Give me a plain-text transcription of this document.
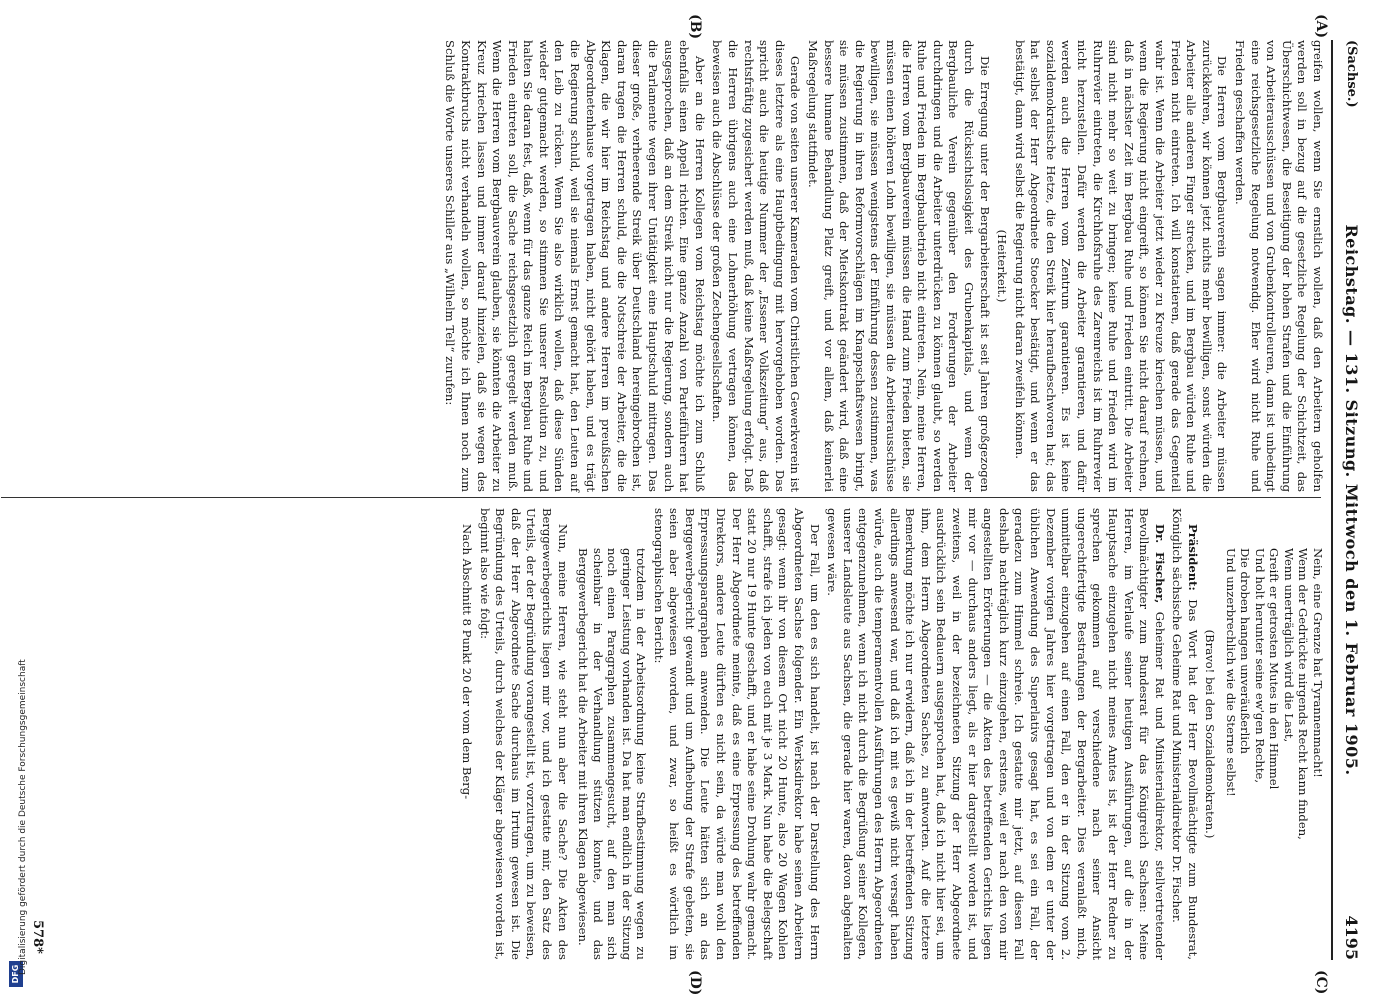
(Sachse.)
Reichstag. — 131. Sitzung. Mittwoch den 1. Februar 1905.
4195
(A)
(B)
(C)
(D)

greifen wollen, wenn Sie ernstlich wollen, daß den Arbeitern geholfen werden soll in bezug auf die gesetzliche Regelung der Schichtzeit, das Überschichtwesen, die Beseitigung der hohen Strafen und die Einführung von Arbeiterausschüssen und von Grubenkontrolleuren, dann ist unbedingt eine reichsgesetzliche Regelung notwendig. Eher wird nicht Ruhe und Frieden geschaffen werden.

Die Herren vom Bergbauverein sagen immer: die Arbeiter müssen zurückkehren, wir können jetzt nichts mehr bewilligen, sonst würden die Arbeiter alle anderen Finger strecken, und im Bergbau würden Ruhe und Frieden nicht eintreten. Ich will konstatieren, daß gerade das Gegenteil wahr ist. Wenn die Arbeiter jetzt wieder zu Kreuze kriechen müssen, und wenn die Regierung nicht eingreift, so können Sie nicht darauf rechnen, daß in nächster Zeit im Bergbau Ruhe und Frieden eintritt. Die Arbeiter sind nicht mehr so weit zu bringen; keine Ruhe und Frieden wird im Ruhrrevier eintreten, die Kirchhofsruhe des Zarenreichs ist im Ruhrrevier nicht herzustellen. Dafür werden die Arbeiter garantieren, und dafür werden auch die Herren vom Zentrum garantieren. Es ist keine sozialdemokratische Hetze, die den Streik hier heraufbeschworen hat; das hat selbst der Herr Abgeordnete Stoecker bestätigt, und wenn er das bestätigt, dann wird selbst die Regierung nicht daran zweifeln können.

(Heiterkeit.)

Die Erregung unter der Bergarbeiterschaft ist seit Jahren großgezogen durch die Rücksichtslosigkeit des Grubenkapitals, und wenn der Bergbauliche Verein gegenüber den Forderungen der Arbeiter durchdringen und die Arbeiter unterdrücken zu können glaubt, so werden Ruhe und Frieden im Bergbaubetrieb nicht eintreten. Nein, meine Herren, die Herren vom Bergbauverein müssen die Hand zum Frieden bieten, sie müssen einen höheren Lohn bewilligen, sie müssen die Arbeiterausschüsse bewilligen, sie müssen wenigstens der Einführung dessen zustimmen, was die Regierung in ihren Reformvorschlägen im Knappschaftswesen bringt, sie müssen zustimmen, daß der Mietskontrakt geändert wird, daß eine bessere humane Behandlung Platz greift, und vor allem, daß keinerlei Maßregelung stattfindet.

Gerade von seiten unserer Kameraden vom Christlichen Gewerkverein ist dieses letztere als eine Hauptbedingung mit hervorgehoben worden. Das spricht auch die heutige Nummer der „Essener Volkszeitung“ aus, daß rechtsfräftig zugesichert werden muß, daß keine Maßregelung erfolgt. Daß die Herren übrigens auch eine Lohnerhöhung vertragen können, das beweisen auch die Abschlüsse der großen Zechengesellschaften.

Aber an die Herren Kollegen vom Reichstag möchte ich zum Schluß ebenfalls einen Appell richten. Eine ganze Anzahl von Parteiführern hat ausgesprochen, daß an dem Streik nicht nur die Regierung, sondern auch die Parlamente wegen ihrer Untätigkeit eine Hauptschuld mittragen. Das dieser große, verheerende Streik über Deutschland hereingebrochen ist, daran tragen die Herren schuld, die die Notschreie der Arbeiter, die die Klagen, die wir hier im Reichstag und andere Herren im preußischen Abgeordnetenhause vorgetragen haben, nicht gehört haben, und es trägt die Regierung schuld, weil sie niemals Ernst gemacht hat, den Leuten auf den Leib zu rücken. Wenn Sie also wirklich wollen, daß diese Sünden wieder gutgemacht werden, so stimmen Sie unserer Resolution zu, und halten Sie daran fest, daß, wenn für das ganze Reich im Bergbau Ruhe und Frieden eintreten soll, die Sache reichsgesetzlich geregelt werden muß. Wenn die Herren vom Bergbauverein glauben, sie könnten die Arbeiter zu Kreuz kriechen lassen und immer darauf hinzielen, daß sie wegen des Kontraktbruchs nicht verhandeln wollen, so möchte ich Ihnen noch zum Schluß die Worte unseres Schiller aus „Wilhelm Tell“ zurufen:

Nein, eine Grenze hat Tyrannenmacht!
Wenn der Gedrückte nirgends Recht kann finden,
Wenn unerträglich wird die Last,
Greift er getrosten Mutes in den Himmel
Und holt herunter seine ew'gen Rechte,
Die droben hangen unveräußerlich
Und unzerbrechlich wie die Sterne selbst!

(Bravo! bei den Sozialdemokraten.)

Präsident: Das Wort hat der Herr Bevollmächtigte zum Bundesrat, Königlich sächsische Geheime Rat und Ministerialdirektor Dr. Fischer.

Dr. Fischer, Geheimer Rat und Ministerialdirektor, stellvertretender Bevollmächtigter zum Bundesrat für das Königreich Sachsen: Meine Herren, im Verlaufe seiner heutigen Ausführungen, auf die in der Hauptsache einzugehen nicht meines Amtes ist, ist der Herr Redner zu sprechen gekommen auf verschiedene nach seiner Ansicht ungerechtfertigte Bestrafungen der Bergarbeiter. Dies veranlaßt mich, unmittelbar einzugehen auf einen Fall, den er in der Sitzung vom 2. Dezember vorigen Jahres hier vorgetragen und von dem er unter der üblichen Anwendung des Superlativs gesagt hat, es sei ein Fall, der geradezu zum Himmel schreie. Ich gestatte mir jetzt, auf diesen Fall deshalb nachträglich kurz einzugehen, erstens, weil er nach den von mir angestellten Erörterungen — die Akten des betreffenden Gerichts liegen mir vor — durchaus anders liegt, als er hier dargestellt worden ist, und zweitens, weil in der bezeichneten Sitzung der Herr Abgeordnete ausdrücklich sein Bedauern ausgesprochen hat, daß ich nicht hier sei, um ihm, dem Herrn Abgeordneten Sachse, zu antworten. Auf die letztere Bemerkung möchte ich nur erwidern, daß ich in der betreffenden Sitzung allerdings anwesend war, und daß ich mit es gewiß nicht versagt haben würde, auch die temperamentvollen Ausführungen des Herrn Abgeordneten entgegenzunehmen, wenn ich nicht durch die Begrüßung seiner Kollegen, unserer Landsleute aus Sachsen, die gerade hier waren, davon abgehalten gewesen wäre.

Der Fall, um den es sich handelt, ist nach der Darstellung des Herrn Abgeordneten Sachse folgender. Ein Werksdirektor habe seinen Arbeitern gesagt: wenn ihr von diesem Ort nicht 20 Hunte, also 20 Wagen Kohlen schafft, strafe ich jeden von euch mit je 3 Mark. Nun habe die Belegschaft statt 20 nur 19 Hunte geschafft, und er habe seine Drohung wahr gemacht. Der Herr Abgeordnete meinte, daß es eine Erpressung des betreffenden Direktors, andere Leute dürften es nicht sein, da würde man wohl den Erpressungsparagraphen anwenden. Die Leute hätten sich an das Berggewerbegericht gewandt und um Aufhebung der Strafe gebeten, sie seien aber abgewiesen worden, und zwar, so heißt es wörtlich im stenographischen Bericht:

trotzdem in der Arbeitsordnung keine Strafbestimmung wegen zu geringer Leistung vorhanden ist. Da hat man endlich in der Sitzung noch einen Paragraphen zusammengesucht, auf den man sich scheinbar in der Verhandlung stützen konnte, und das Berggewerbegericht hat die Arbeiter mit ihren Klagen abgewiesen.

Nun, meine Herren, wie steht nun aber die Sache? Die Akten des Berggewerbegerichts liegen mir vor, und ich gestatte mir, den Satz des Urteils, der der Begründung vorangestellt ist, vorzutragen, um zu beweisen, daß der Herr Abgeordnete Sache durchaus im Irrtum gewesen ist. Die Begründung des Urteils, durch welches der Kläger abgewiesen worden ist, beginnt also wie folgt:

Nach Abschnitt 8 Punkt 20 der vom dem Berg-

578*
DFG
Digitalisierung gefördert durch die Deutsche Forschungsgemeinschaft
